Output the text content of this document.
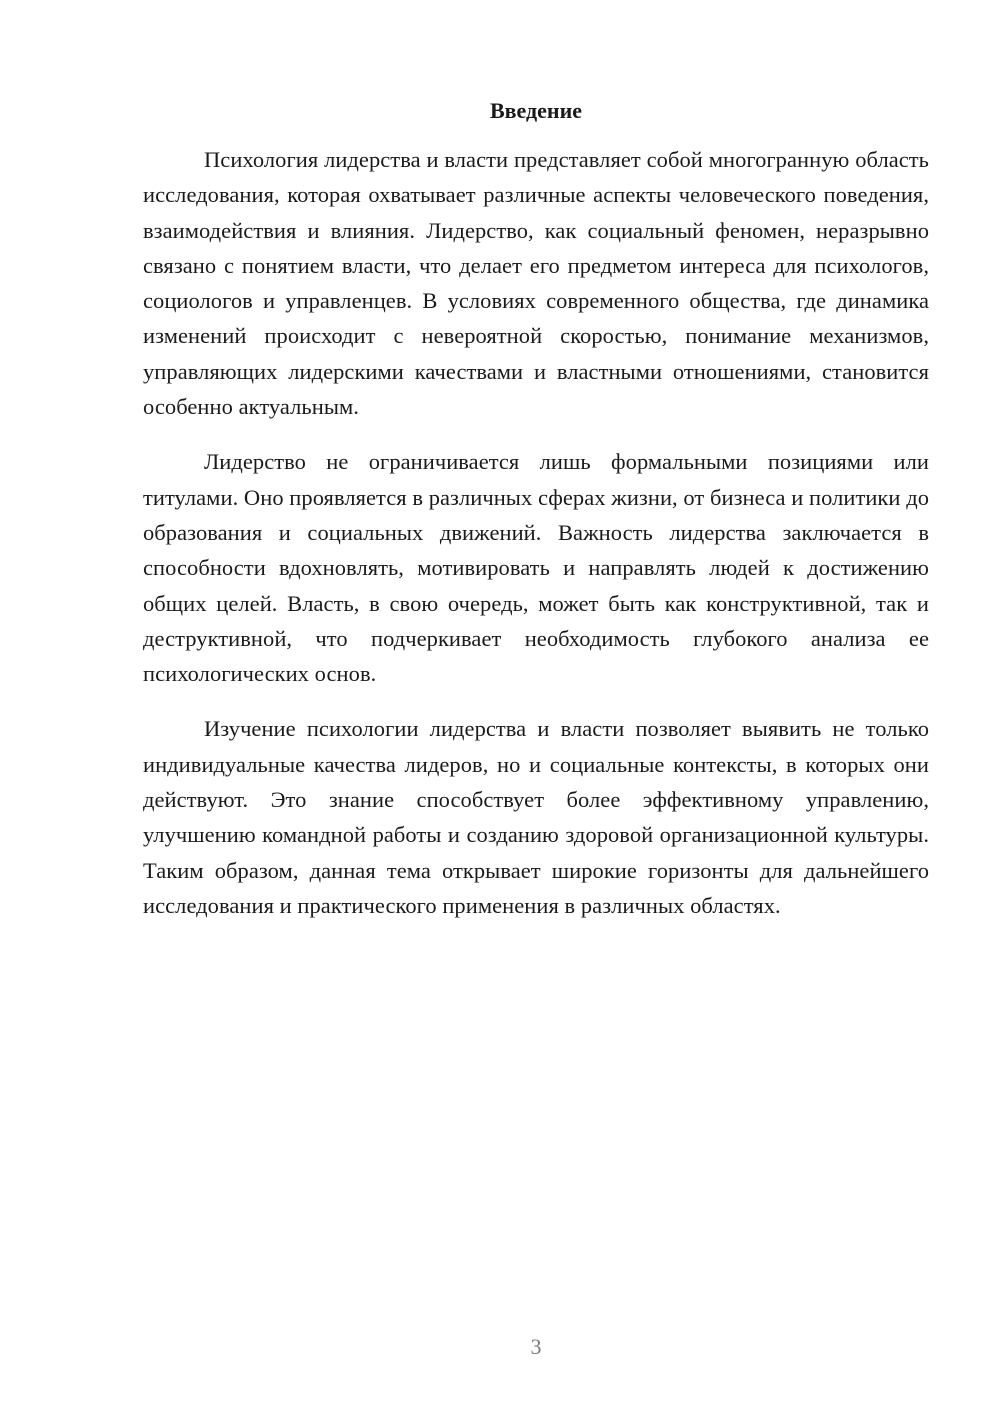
Введение

Психология лидерства и власти представляет собой многогранную область исследования, которая охватывает различные аспекты человеческого поведения, взаимодействия и влияния. Лидерство, как социальный феномен, неразрывно связано с понятием власти, что делает его предметом интереса для психологов, социологов и управленцев. В условиях современного общества, где динамика изменений происходит с невероятной скоростью, понимание механизмов, управляющих лидерскими качествами и властными отношениями, становится особенно актуальным.

Лидерство не ограничивается лишь формальными позициями или титулами. Оно проявляется в различных сферах жизни, от бизнеса и политики до образования и социальных движений. Важность лидерства заключается в способности вдохновлять, мотивировать и направлять людей к достижению общих целей. Власть, в свою очередь, может быть как конструктивной, так и деструктивной, что подчеркивает необходимость глубокого анализа ее психологических основ.

Изучение психологии лидерства и власти позволяет выявить не только индивидуальные качества лидеров, но и социальные контексты, в которых они действуют. Это знание способствует более эффективному управлению, улучшению командной работы и созданию здоровой организационной культуры. Таким образом, данная тема открывает широкие горизонты для дальнейшего исследования и практического применения в различных областях.

3
